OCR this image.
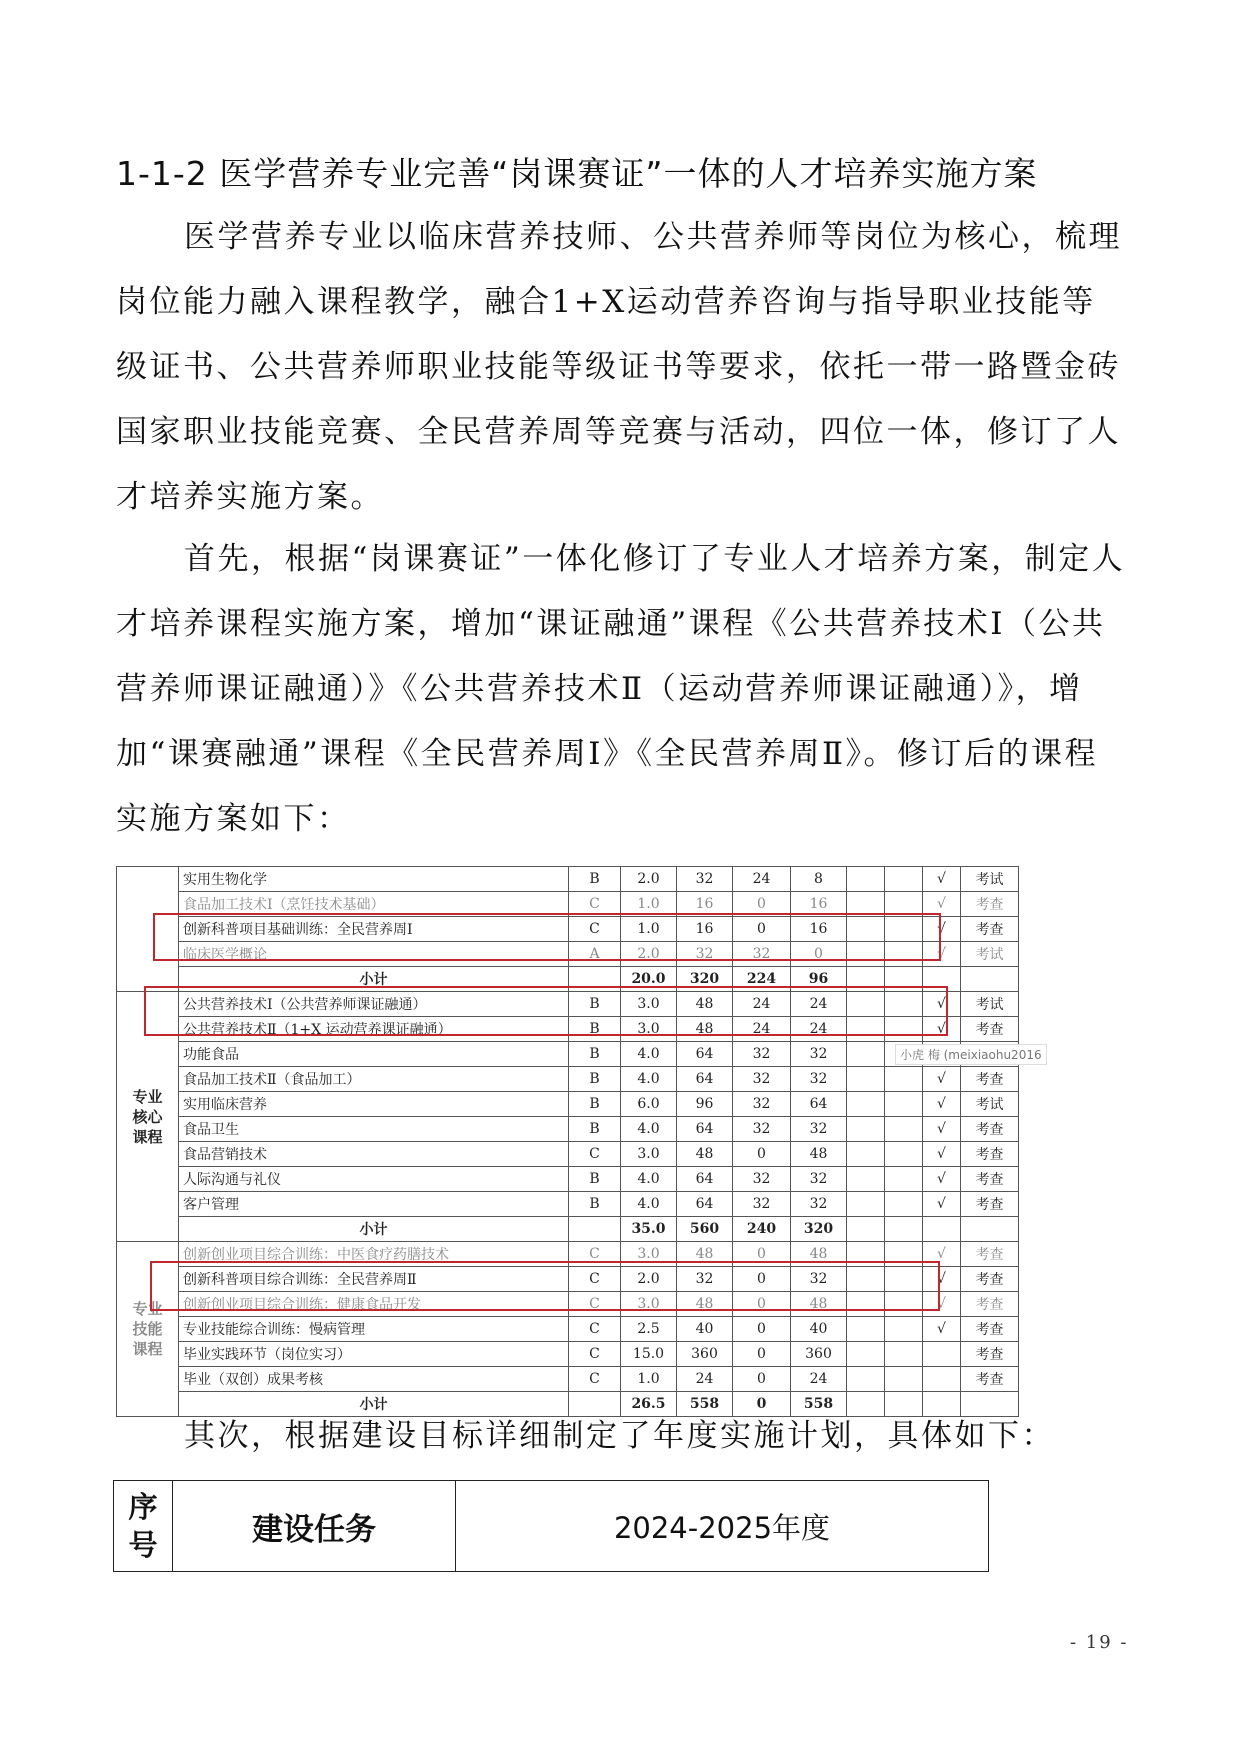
1-1-2 医学营养专业完善“岗课赛证”一体的人才培养实施方案

医学营养专业以临床营养技师、公共营养师等岗位为核心，梳理岗位能力融入课程教学，融合1+X运动营养咨询与指导职业技能等级证书、公共营养师职业技能等级证书等要求，依托一带一路暨金砖国家职业技能竞赛、全民营养周等竞赛与活动，四位一体，修订了人才培养实施方案。

首先，根据“岗课赛证”一体化修订了专业人才培养方案，制定人才培养课程实施方案，增加“课证融通”课程《公共营养技术Ⅰ（公共营养师课证融通）》《公共营养技术Ⅱ（运动营养师课证融通）》，增加“课赛融通”课程《全民营养周Ⅰ》《全民营养周Ⅱ》。修订后的课程实施方案如下：

	实用生物化学	B	2.0	32	24	8			√	考试
	食品加工技术Ⅰ（烹饪技术基础）	C	1.0	16	0	16			√	考查
	创新科普项目基础训练：全民营养周Ⅰ	C	1.0	16	0	16			√	考查
	临床医学概论	A	2.0	32	32	0			√	考试
	小计		20.0	320	224	96				
专业
核心
课程	公共营养技术Ⅰ（公共营养师课证融通）	B	3.0	48	24	24			√	考试
	公共营养技术Ⅱ（1+X 运动营养课证融通）	B	3.0	48	24	24			√	考查
	功能食品	B	4.0	64	32	32				
	食品加工技术Ⅱ（食品加工）	B	4.0	64	32	32			√	考查
	实用临床营养	B	6.0	96	32	64			√	考试
	食品卫生	B	4.0	64	32	32			√	考查
	食品营销技术	C	3.0	48	0	48			√	考查
	人际沟通与礼仪	B	4.0	64	32	32			√	考查
	客户管理	B	4.0	64	32	32			√	考查
	小计		35.0	560	240	320				
专业
技能
课程	创新创业项目综合训练：中医食疗药膳技术	C	3.0	48	0	48			√	考查
	创新科普项目综合训练：全民营养周Ⅱ	C	2.0	32	0	32			√	考查
	创新创业项目综合训练：健康食品开发	C	3.0	48	0	48			√	考查
	专业技能综合训练：慢病管理	C	2.5	40	0	40			√	考查
	毕业实践环节（岗位实习）	C	15.0	360	0	360				考查
	毕业（双创）成果考核	C	1.0	24	0	24				考查
	小计		26.5	558	0	558				
小虎 梅 (meixiaohu2016
其次，根据建设目标详细制定了年度实施计划，具体如下：
序
号	建设任务	2024-2025年度
- 19 -
